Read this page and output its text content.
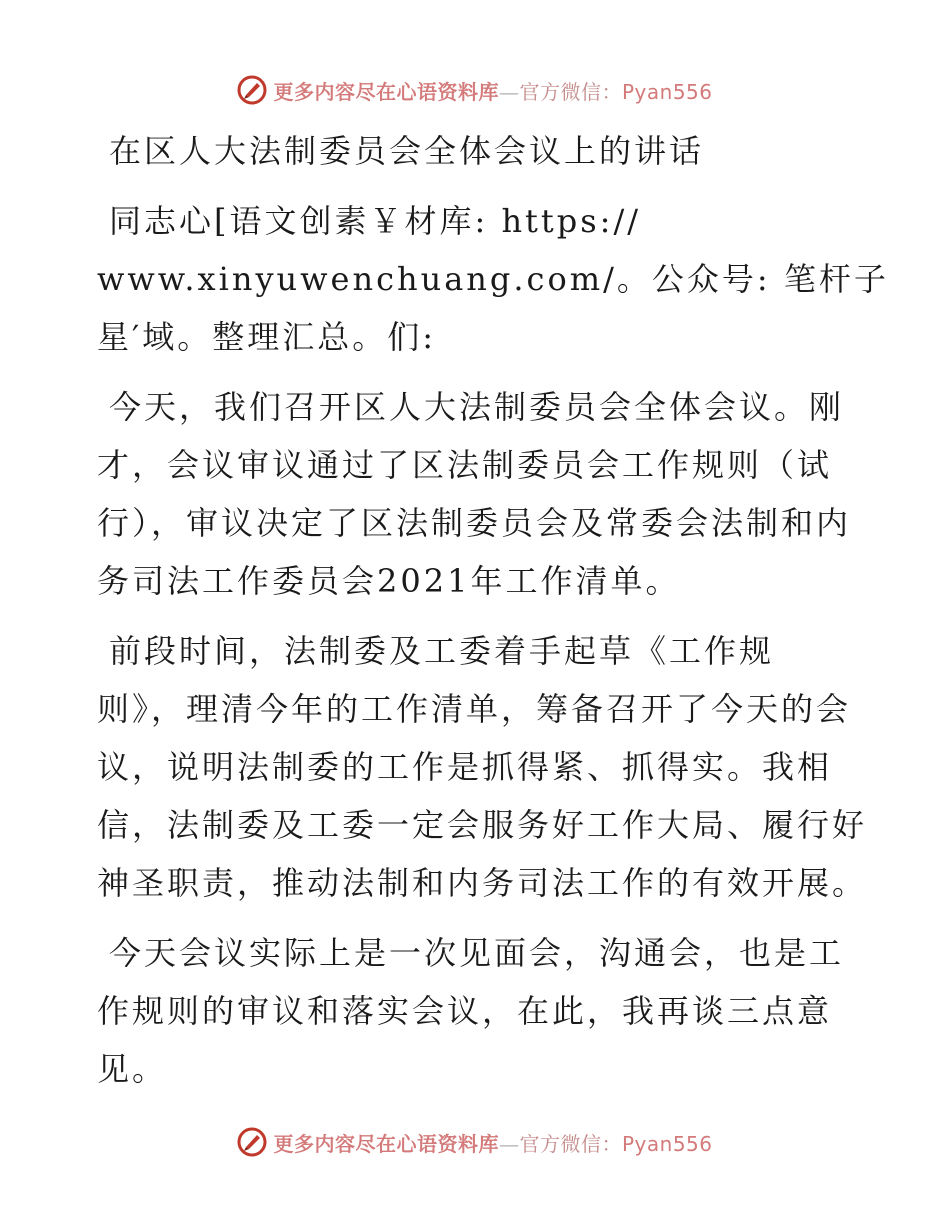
更多内容尽在心语资料库—官方微信：Pyan556
在区人大法制委员会全体会议上的讲话
同志心[语文创素￥材库: https://
www.xinyuwenchuang.com/。公众号: 笔杆子
星′域。整理汇总。们:
今天，我们召开区人大法制委员会全体会议。刚
才，会议审议通过了区法制委员会工作规则（试
行），审议决定了区法制委员会及常委会法制和内
务司法工作委员会2021年工作清单。
前段时间，法制委及工委着手起草《工作规
则》，理清今年的工作清单，筹备召开了今天的会
议，说明法制委的工作是抓得紧、抓得实。我相
信，法制委及工委一定会服务好工作大局、履行好
神圣职责，推动法制和内务司法工作的有效开展。
今天会议实际上是一次见面会，沟通会，也是工
作规则的审议和落实会议，在此，我再谈三点意
见。
更多内容尽在心语资料库—官方微信：Pyan556
